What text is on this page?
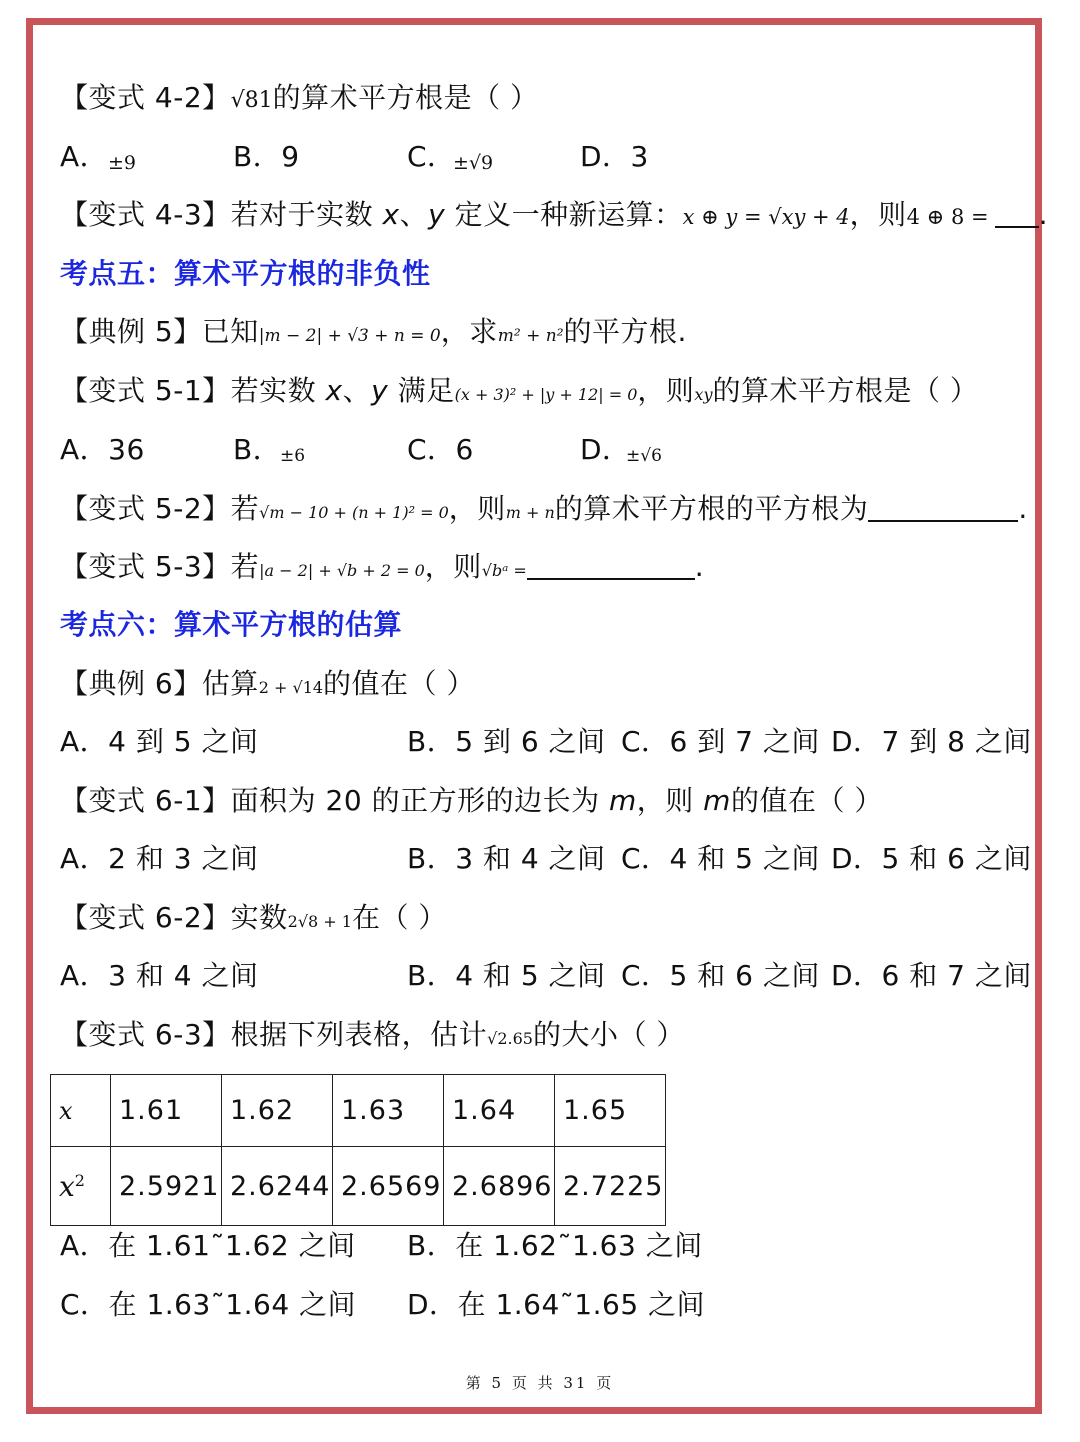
【变式 4-2】√81的算术平方根是（ ）
A． ±9	B．9	C．
±√9	D．3
【变式 4-3】若对于实数 x、y 定义一种新运算：x ⊕ y = √xy + 4，则4 ⊕ 8 = .
考点五：算术平方根的非负性
【典例 5】已知|m − 2| + √3 + n = 0，求m² + n²的平方根.
【变式 5-1】若实数 x、y 满足(x + 3)² + |y + 12| = 0，则xy的算术平方根是（ ）
A．36	B．
±6	C．6	D．
±√6
【变式 5-2】若√m − 10 + (n + 1)² = 0，则m + n的算术平方根的平方根为	.
【变式 5-3】若|a − 2| + √b + 2 = 0，则√bᵃ =	.
考点六：算术平方根的估算
【典例 6】估算2 + √14的值在（ ）
A．4 到 5 之间	B．5 到 6 之间 C．6 到 7 之间 D．7 到 8 之间
【变式 6-1】面积为 20 的正方形的边长为 m，则 m的值在（ ）
A．2 和 3 之间	B．3 和 4 之间 C．4 和 5 之间 D．5 和 6 之间
【变式 6-2】实数2√8 + 1在（ ）
A．3 和 4 之间	B．4 和 5 之间 C．5 和 6 之间 D．6 和 7 之间
【变式 6-3】根据下列表格，估计√2.65的大小（ ）
x	1.61	1.62	1.63	1.64	1.65
$x^2$	2.5921	2.6244	2.6569	2.6896	2.7225
A．在 1.61˜1.62 之间 B．在 1.62˜1.63 之间
C．在 1.63˜1.64 之间 D．在 1.64˜1.65 之间
第 5 页 共 31 页
